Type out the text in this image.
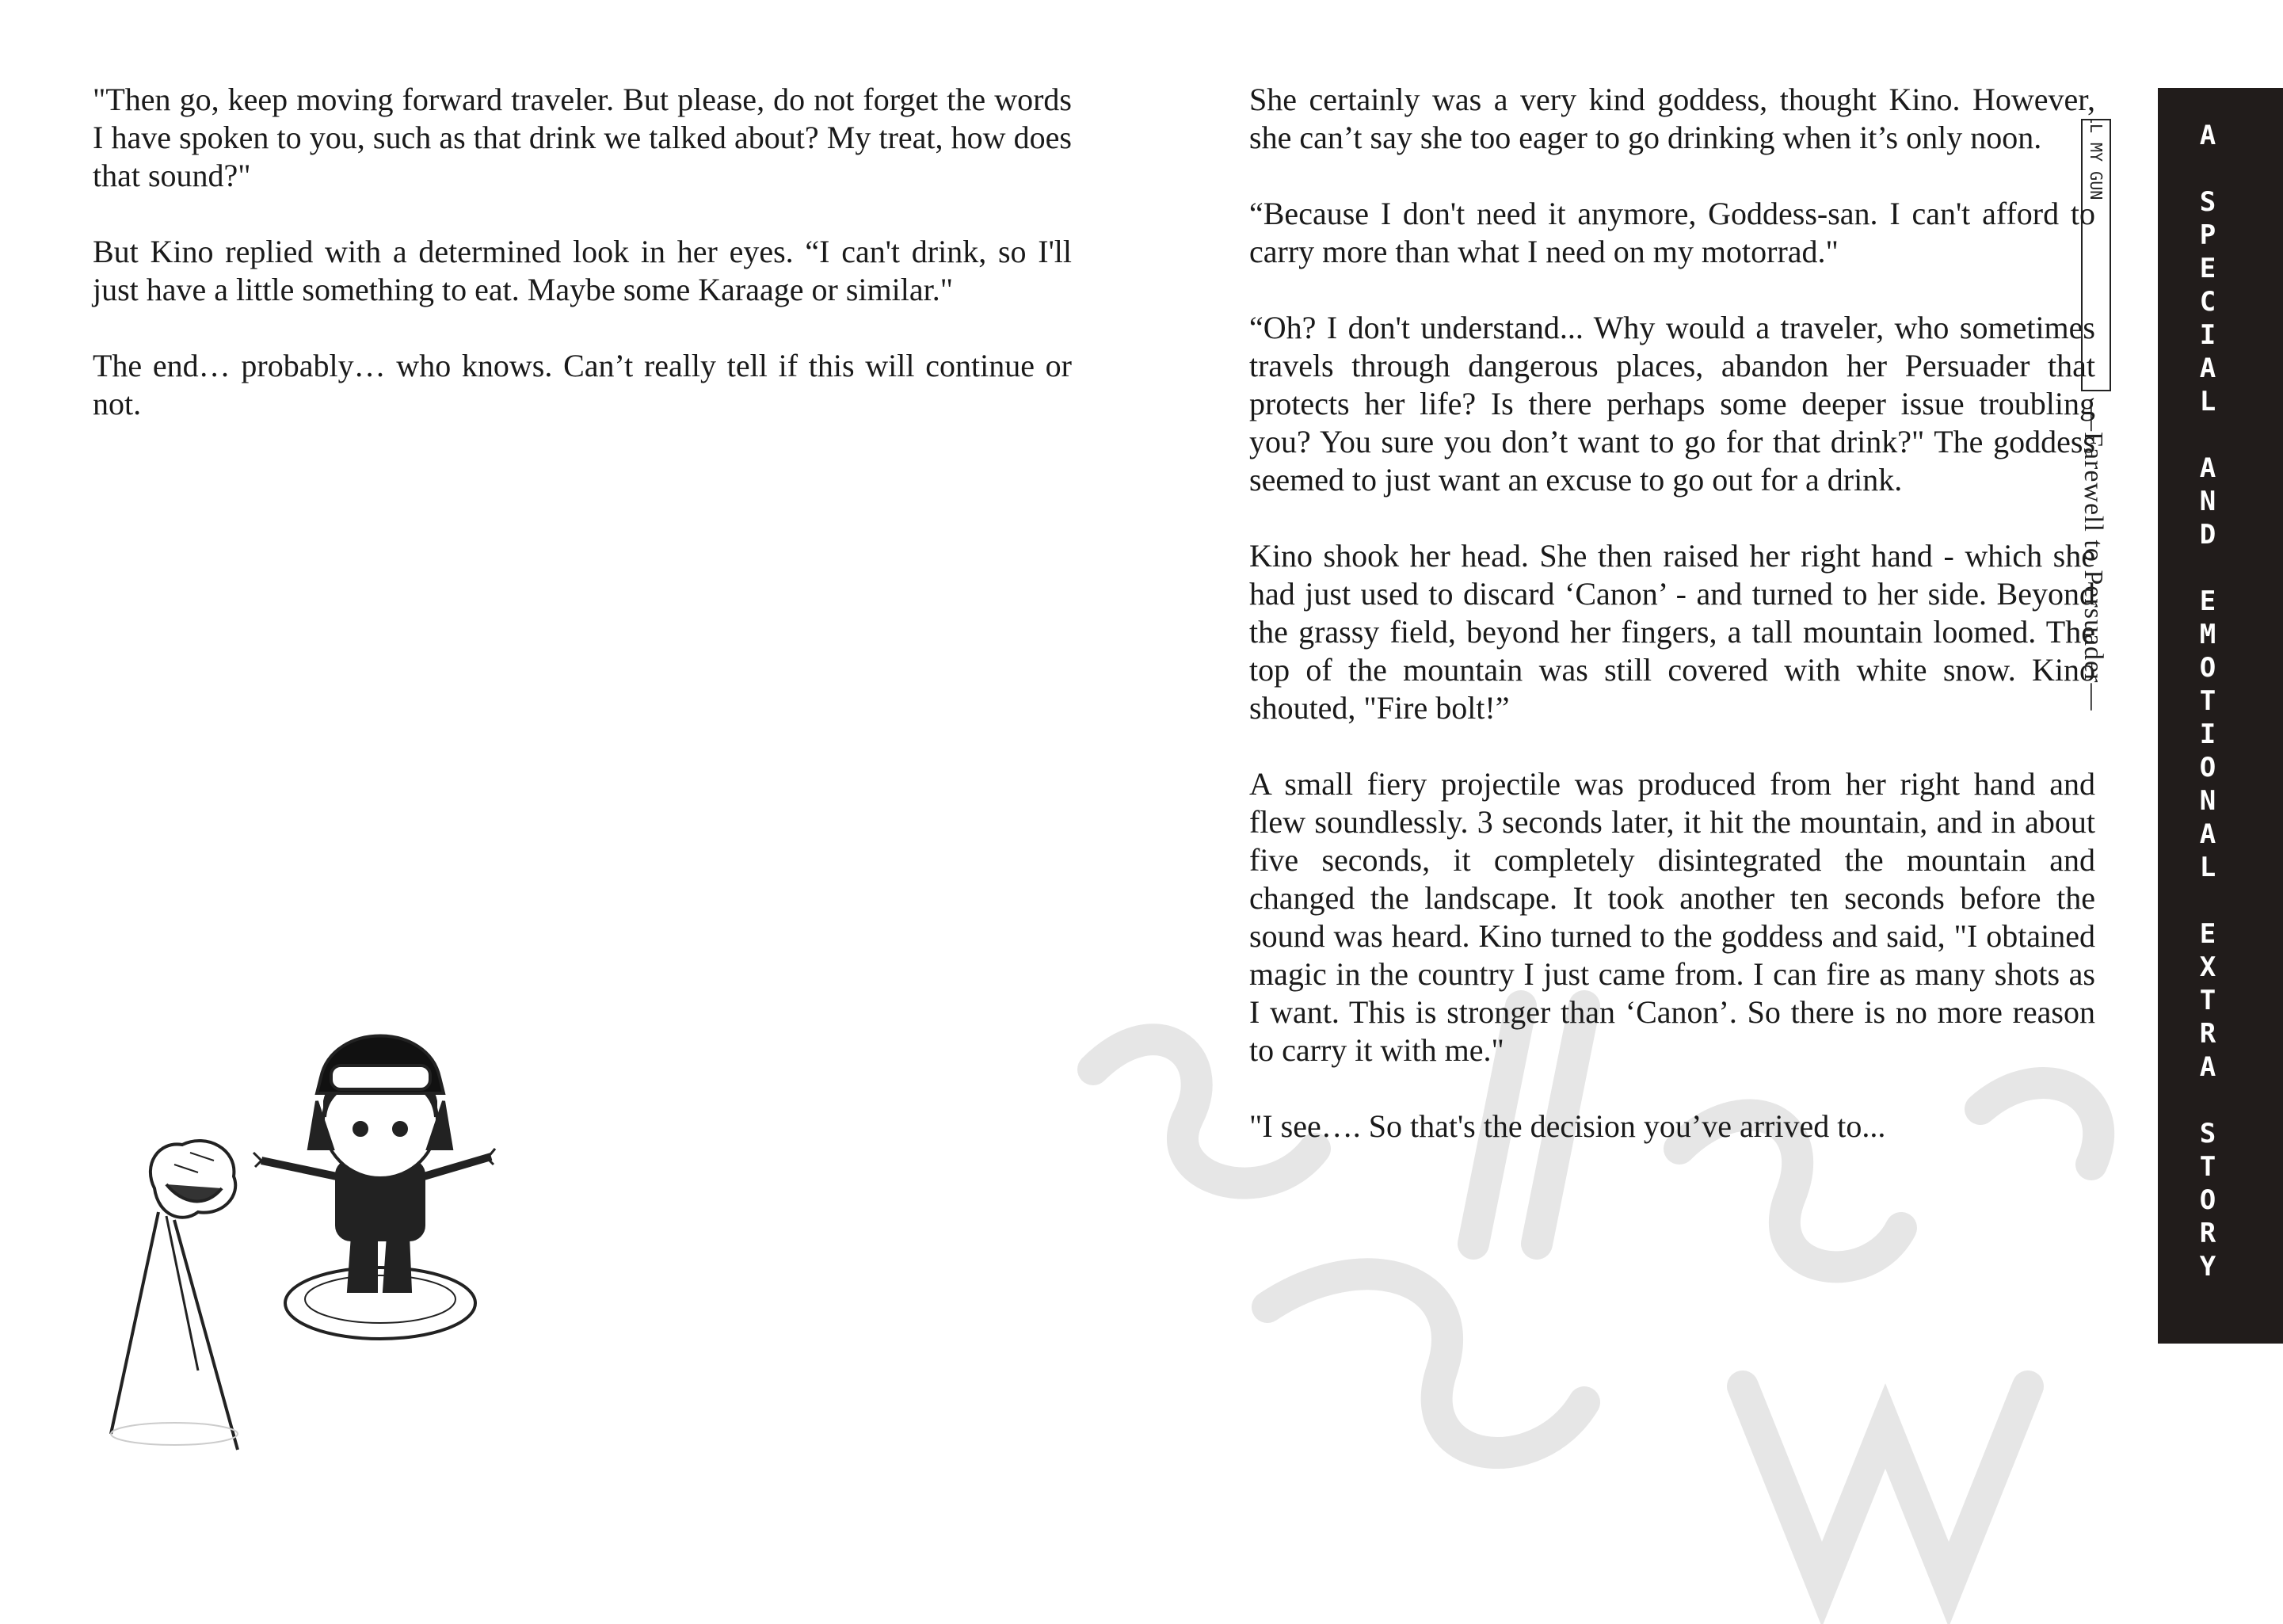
"Then go, keep moving forward traveler. But please, do not forget the words I have spoken to you, such as that drink we talked about? My treat, how does that sound?"

But Kino replied with a determined look in her eyes. “I can't drink, so I'll just have a little something to eat. Maybe some Karaage or similar."

The end… probably… who knows. Can’t really tell if this will continue or not.

She certainly was a very kind goddess, thought Kino. However, she can’t say she too eager to go drinking when it’s only noon.

“Because I don't need it anymore, Goddess-san. I can't afford to carry more than what I need on my motorrad."

“Oh? I don't understand... Why would a traveler, who sometimes travels through dangerous places, abandon her Persuader that protects her life? Is there perhaps some deeper issue troubling you? You sure you don’t want to go for that drink?" The goddess seemed to just want an excuse to go out for a drink.

Kino shook her head. She then raised her right hand - which she had just used to discard ‘Canon’ - and turned to her side. Beyond the grassy field, beyond her fingers, a tall mountain loomed. The top of the mountain was still covered with white snow. Kino shouted, "Fire bolt!”

A small fiery projectile was produced from her right hand and flew soundlessly. 3 seconds later, it hit the mountain, and in about five seconds, it completely disintegrated the mountain and changed the landscape. It took another ten seconds before the sound was heard. Kino turned to the goddess and said, "I obtained magic in the country I just came from. I can fire as many shots as I want. This is stronger than ‘Canon’. So there is no more reason to carry it with me."

"I see…. So that's the decision you’ve arrived to...

FAREWELL MY GUN
—Farewell to Persuader—	A SPECIAL AND EMOTIONAL EXTRA STORY
